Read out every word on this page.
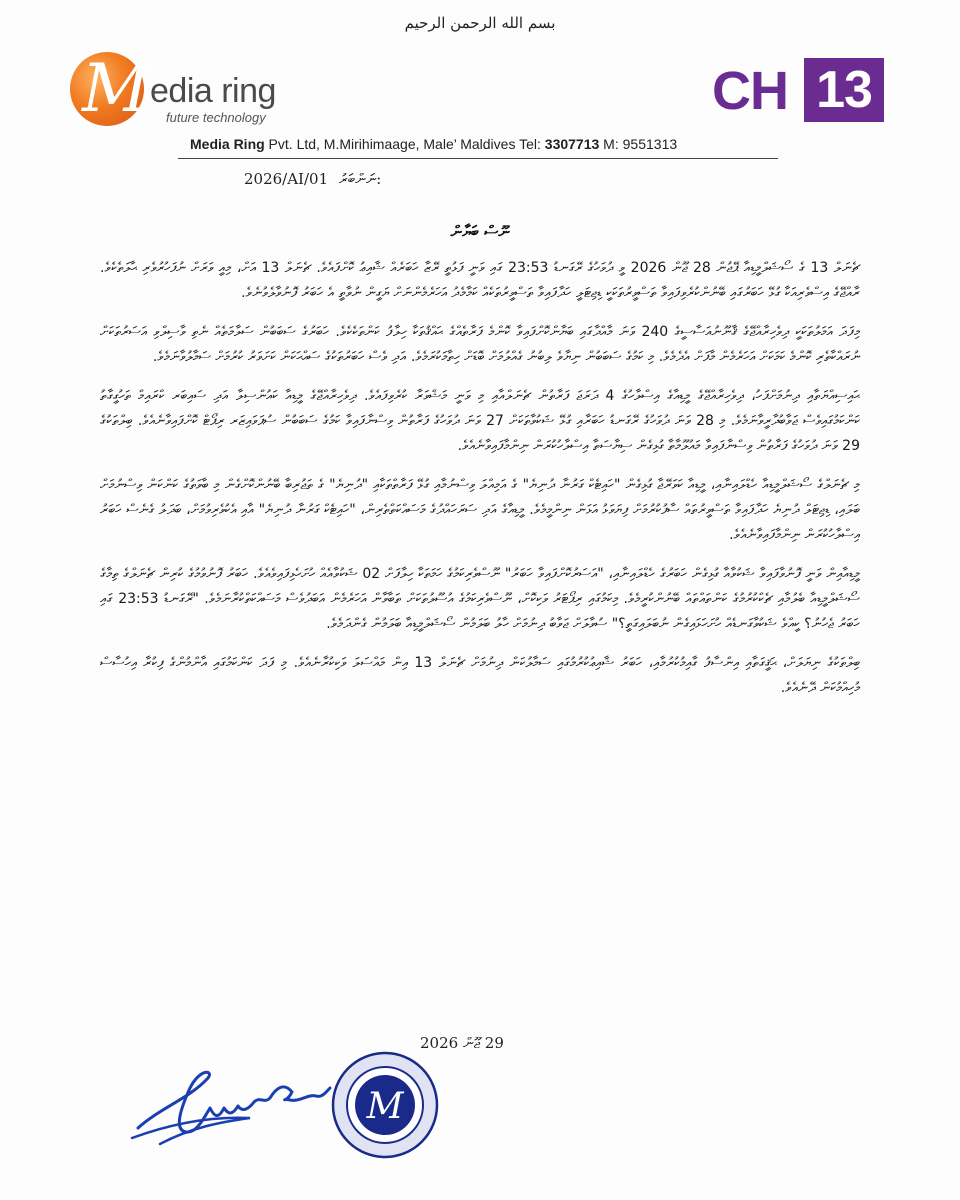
بسم الله الرحمن الرحيم
M edia ring
future technology	CH 13
Media Ring Pvt. Ltd, M.Mirihimaage, Male’ Maldives Tel: 3307713 M: 9551313
2026/AI/01 ނަންބަރު:
ނޫސް ބަޔާން

ޗެނަލް 13 ގެ ސޯޝަލްމީޑިއާ ޕޭޖުން 28 ޖޫން 2026 ވީ ދުވަހުގެ ރޭގަނޑު 23:53 ގައި ވަނީ ފަޅުތީ ރޭޒާ ހަބަރެއް ޝާއިޢު ކޮށްފައެވެ. ޗެނަލް 13 އަށް، މިއީ ވަރަށް ނުފަހުރުވެރި ޙާލަތެކެވެ. ރާއްޖޭގެ އިސްވެރިއަކާ ގުޅޭ ހަބަރުގައި ބޭނުންކުރެވިފައިވާ ތަސްވީރުތަކަކީ ޑިޖިޓަލީ ހަދާފައިވާ ތަސްވީރުތަކެއް ކަމާމެދު އަހަރެމެންނަށް ޔަގީން ނުވާތީ އެ ހަބަރު ފޮނުވާލެވުނެވެ.

މިފަދަ އަމަލުތަކަކީ ދިވެހިރާއްޖޭގެ ޤާނޫނުއަސާސީގެ 240 ވަނަ މާއްދާގައި ބަޔާންކޮށްފައިވާ ކޮންމެ ފަރާތެއްގެ ޙައްޤުތަކާ ހިލާފު ކަންތަކެކެވެ. ހަބަރުގެ ސަބަބުން ސަލާމަތެއް ނެތި ވާސިލްވި އަސަރުތަކަށް ނުރައްކާތެރި ކޮންމެ ކަމަކަށް އަހަރެމެން މާފަށް އެދެމެވެ. މި ކަމުގެ ސަބަބުން ނިޔާވެ ލިބުނު ގެއްލުމަށް ބޮޑަށް ހިތާމަކުރަމެވެ. އަދި ވެސް ހަބަރުތަކުގެ ސައްޙަކަން ކަށަވަރު ކުރުމަށް ސަމާލުވާނަމެވެ.

ޙައިސިއްޔަތާއި ދިނުމަށްފަހު، ދިވެހިރާއްޖޭގެ މީޑިއާގެ އިސްލާހުގެ 4 ދަރަޖަ ފަރާތުން ޗެނަލްއާއި މި ވަނީ މަޝްވަރާ ކުރެވިފައެވެ. ދިވެހިރާއްޖޭގެ މީޑިއާ ކައުންސިލާ އަދި ސައިބަރ ކްރައިމް ތަހުގީގާތު ކަންކަމުގައިވެސް ޖަވާބުދާރީވާނަމެވެ. މި 28 ވަނަ ދުވަހުގެ ރޭގަނޑު ހަބަރާއި ގުޅޭ ޝަކުވާތަކަށް 27 ވަނަ ދުވަހުގެ ފަރާތުން ވިސްނާފައިވާ ކަމުގެ ސަބަބުން ސުޕަވައިޒަރ ރިޕޯޓް ކޮށްފައިވާނެއެވެ. ބިލްތަކުގެ 29 ވަނަ ދުވަހުގެ ފަރާތުން ވިސްނާފައިވާ މައުލޫމާތާ ގުޅިގެން ސިޔާސަތާ އިސްލާހުކުރަން ނިންމާފައިވާނެއެވެ.

މި ޗެނަލްގެ ސޯޝަލްމީޑިއާ ހެޑްލައިނާއި، މީޑިއާ ކަވަރޭޖާ ގުޅިގެން "ހައިޓެކް ގަރުނާ ދުނިޔެ" ގެ އަމިއްލަ ވިސްނުމާއި ގުޅޭ ފަރާތްތަކާއި "ދުނިޔެ" ގެ ތަޖުރިބާ ބޭނުންކޮށްގެން މި ބާވަތުގެ ކަންކަން ވިސްނުމަށް ބަލައި، ޑިޖިޓަލް ދުނިޔެ ހަދާފައިވާ ތަސްވީރުތައް ސާފުކުރުމަށް ފިޔަވަޅު އަޅަން ނިންމީމެވެ. މީޑިއާގެ އަދި ސަރަހައްދުގެ މަސައްކަތްތެރިން، "ހައިޓެކް ގަރުނާ ދުނިޔެ" އާއި އެކުވެރިވުމަށް، ބަދަލު ގެނެސް ހަބަރު އިސްލާހުކުރަން ނިންމާފައިވާނެއެވެ.

މީޑިއާއިން ވަނީ ފޮނުވާފައިވާ ޝަކުވާއާ ގުޅިގެން ހަބަރުގެ ހެޑްލައިނާއި، "އަސަރުކޮށްފައިވާ ހަބަރު" ނޫސްވެރިކަމުގެ ހަމަތަކާ ހިލާފަށް 02 ޝަކުވާއެއް ހުށަހެޅިފައިވެއެވެ. ހަބަރު ފޮނުވުމުގެ ކުރިން ޗެނަލްގެ ތިމާގެ ސޯޝަލްމީޑިއާ ބެލުމާއި ޗެކްކުރުމުގެ ކަންތައްތައް ބޭނުންކުރީމެވެ. މިކަމުގައި ރިޕޯޓަރު ވަކިކޮށް، ނޫސްވެރިކަމުގެ އުސޫލުތަކަށް ތަބާވާން އަހަރެމެން އަބަދުވެސް މަސައްކަތްކުރާނަމެވެ. "ރޭގަނޑު 23:53 ގައި ހަބަރު ޖެހުނު؟ ކީއްވެ ޝަކުވާގަނޑެއް ހުށަހަޅައިގެން ނުބަލައިގަތީ؟" ސުވާލަށް ޖަވާބު ދިނުމަށް ހާލު ބަލަމުން ސޯޝަލްމީޑިއާ ބަލަމުން ގެންދަމެވެ.

ބިލްތަކުގެ ނިޔަލަށް، ޙަޤީގަތާއި އިންސާފު ގާއިމުކުރުމާއި، ހަބަރު ޝާއިޢުކުރުމުގައި ސަމާލުކަން ދިނުމަށް ޗެނަލް 13 އިން މައްސަލަ ވަކިކުރާނެއެވެ. މި ފަދަ ކަންކަމުގައި އާންމުންގެ ފިކުރާ އިހުސާސް މުހިއްމުކަން ދޭނެއެވެ.

29 ޖޫން 2026
M
